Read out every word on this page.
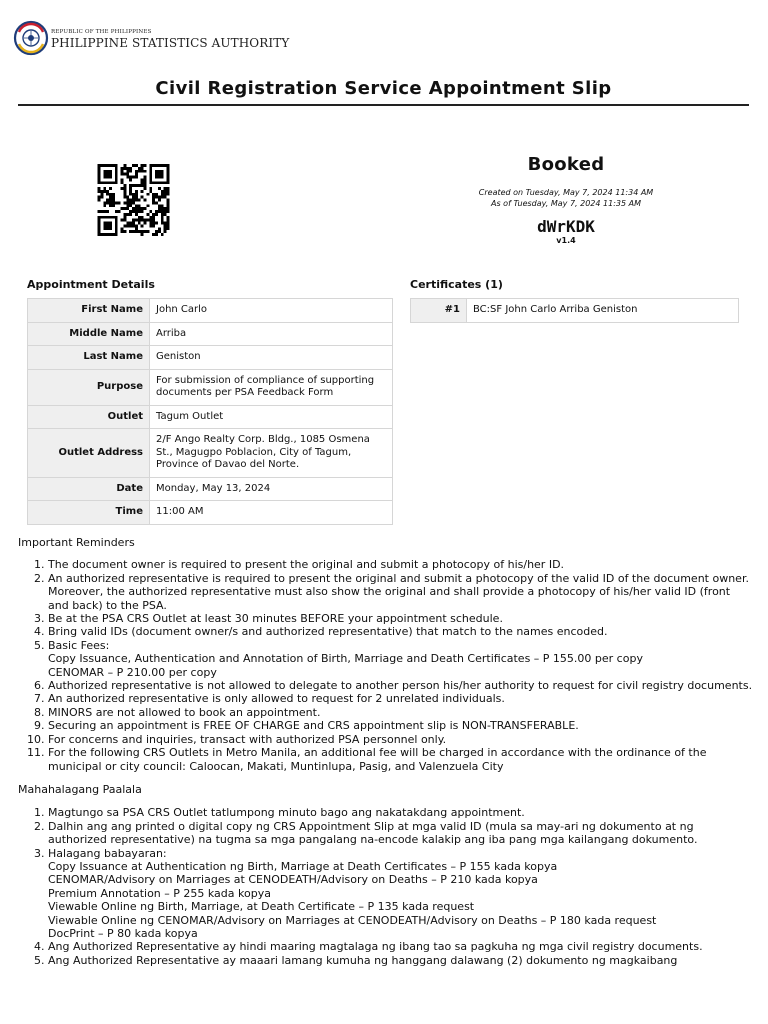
REPUBLIC OF THE PHILIPPINES
PHILIPPINE STATISTICS AUTHORITY
Civil Registration Service Appointment Slip
Booked
Created on Tuesday, May 7, 2024 11:34 AM
As of Tuesday, May 7, 2024 11:35 AM
dWrKDK
v1.4
Appointment Details
First Name	John Carlo
Middle Name	Arriba
Last Name	Geniston
Purpose	For submission of compliance of supporting documents per PSA Feedback Form
Outlet	Tagum Outlet
Outlet Address	2/F Ango Realty Corp. Bldg., 1085 Osmena St., Magugpo Poblacion, City of Tagum, Province of Davao del Norte.
Date	Monday, May 13, 2024
Time	11:00 AM
Certificates (1)
#1	BC:SF John Carlo Arriba Geniston
Important Reminders
1. The document owner is required to present the original and submit a photocopy of his/her ID.
2. An authorized representative is required to present the original and submit a photocopy of the valid ID of the document owner. Moreover, the authorized representative must also show the original and shall provide a photocopy of his/her valid ID (front and back) to the PSA.
3. Be at the PSA CRS Outlet at least 30 minutes BEFORE your appointment schedule.
4. Bring valid IDs (document owner/s and authorized representative) that match to the names encoded.
5. Basic Fees:
Copy Issuance, Authentication and Annotation of Birth, Marriage and Death Certificates – P 155.00 per copy
CENOMAR – P 210.00 per copy
6. Authorized representative is not allowed to delegate to another person his/her authority to request for civil registry documents.
7. An authorized representative is only allowed to request for 2 unrelated individuals.
8. MINORS are not allowed to book an appointment.
9. Securing an appointment is FREE OF CHARGE and CRS appointment slip is NON-TRANSFERABLE.
10. For concerns and inquiries, transact with authorized PSA personnel only.
11. For the following CRS Outlets in Metro Manila, an additional fee will be charged in accordance with the ordinance of the municipal or city council: Caloocan, Makati, Muntinlupa, Pasig, and Valenzuela City
Mahahalagang Paalala
1. Magtungo sa PSA CRS Outlet tatlumpong minuto bago ang nakatakdang appointment.
2. Dalhin ang ang printed o digital copy ng CRS Appointment Slip at mga valid ID (mula sa may-ari ng dokumento at ng authorized representative) na tugma sa mga pangalang na-encode kalakip ang iba pang mga kailangang dokumento.
3. Halagang babayaran:
Copy Issuance at Authentication ng Birth, Marriage at Death Certificates – P 155 kada kopya
CENOMAR/Advisory on Marriages at CENODEATH/Advisory on Deaths – P 210 kada kopya
Premium Annotation – P 255 kada kopya
Viewable Online ng Birth, Marriage, at Death Certificate – P 135 kada request
Viewable Online ng CENOMAR/Advisory on Marriages at CENODEATH/Advisory on Deaths – P 180 kada request
DocPrint – P 80 kada kopya
4. Ang Authorized Representative ay hindi maaring magtalaga ng ibang tao sa pagkuha ng mga civil registry documents.
5. Ang Authorized Representative ay maaari lamang kumuha ng hanggang dalawang (2) dokumento ng magkaibang
